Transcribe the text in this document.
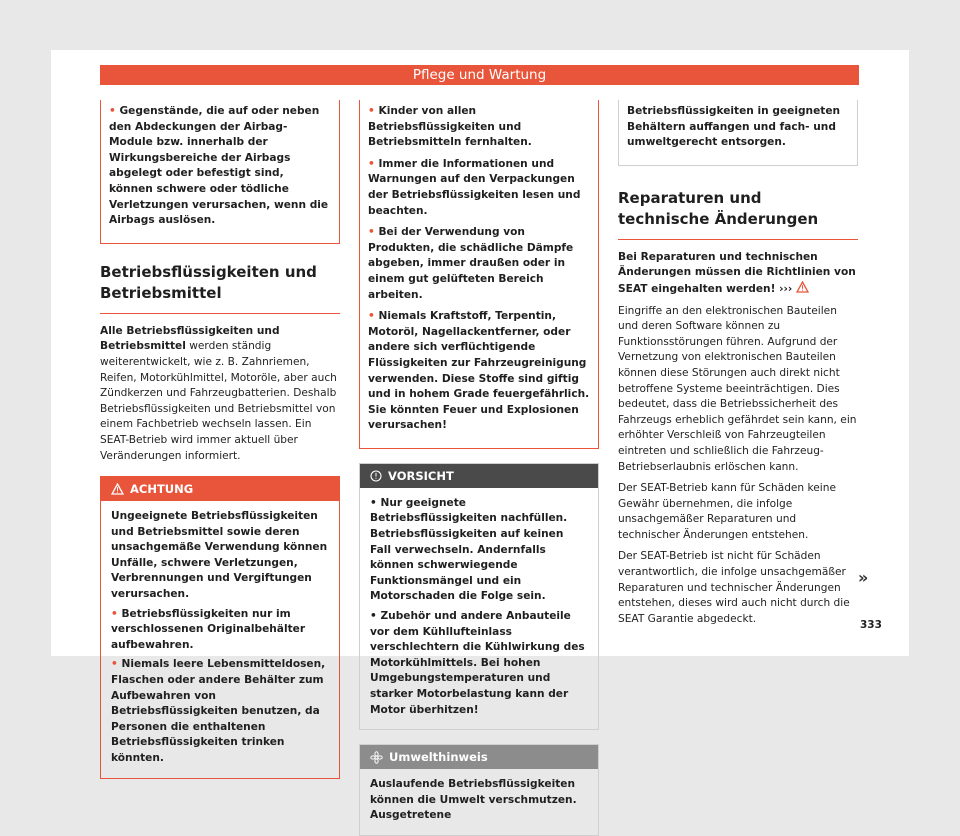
Pflege und Wartung

• Gegenstände, die auf oder neben den Abdeckungen der Airbag-Module bzw. innerhalb der Wirkungsbereiche der Airbags abgelegt oder befestigt sind, können schwere oder tödliche Verletzungen verursachen, wenn die Airbags auslösen.

Betriebsflüssigkeiten und Betriebsmittel

Alle Betriebsflüssigkeiten und Betriebsmittel werden ständig weiterentwickelt, wie z. B. Zahnriemen, Reifen, Motorkühlmittel, Motoröle, aber auch Zündkerzen und Fahrzeugbatterien. Deshalb Betriebsflüssigkeiten und Betriebsmittel von einem Fachbetrieb wechseln lassen. Ein SEAT-Betrieb wird immer aktuell über Veränderungen informiert.

ACHTUNG

Ungeeignete Betriebsflüssigkeiten und Betriebsmittel sowie deren unsachgemäße Verwendung können Unfälle, schwere Verletzungen, Verbrennungen und Vergiftungen verursachen.

• Betriebsflüssigkeiten nur im verschlossenen Originalbehälter aufbewahren.

• Niemals leere Lebensmitteldosen, Flaschen oder andere Behälter zum Aufbewahren von Betriebsflüssigkeiten benutzen, da Personen die enthaltenen Betriebsflüssigkeiten trinken könnten.

• Kinder von allen Betriebsflüssigkeiten und Betriebsmitteln fernhalten.

• Immer die Informationen und Warnungen auf den Verpackungen der Betriebsflüssigkeiten lesen und beachten.

• Bei der Verwendung von Produkten, die schädliche Dämpfe abgeben, immer draußen oder in einem gut gelüfteten Bereich arbeiten.

• Niemals Kraftstoff, Terpentin, Motoröl, Nagellackentferner, oder andere sich verflüchtigende Flüssigkeiten zur Fahrzeugreinigung verwenden. Diese Stoffe sind giftig und in hohem Grade feuergefährlich. Sie könnten Feuer und Explosionen verursachen!

VORSICHT

• Nur geeignete Betriebsflüssigkeiten nachfüllen. Betriebsflüssigkeiten auf keinen Fall verwechseln. Andernfalls können schwerwiegende Funktionsmängel und ein Motorschaden die Folge sein.

• Zubehör und andere Anbauteile vor dem Kühllufteinlass verschlechtern die Kühlwirkung des Motorkühlmittels. Bei hohen Umgebungstemperaturen und starker Motorbelastung kann der Motor überhitzen!

Umwelthinweis

Auslaufende Betriebsflüssigkeiten können die Umwelt verschmutzen. Ausgetretene

Betriebsflüssigkeiten in geeigneten Behältern auffangen und fach- und umweltgerecht entsorgen.

Reparaturen und technische Änderungen

Bei Reparaturen und technischen Änderungen müssen die Richtlinien von SEAT eingehalten werden! ›››

Eingriffe an den elektronischen Bauteilen und deren Software können zu Funktionsstörungen führen. Aufgrund der Vernetzung von elektronischen Bauteilen können diese Störungen auch direkt nicht betroffene Systeme beeinträchtigen. Dies bedeutet, dass die Betriebssicherheit des Fahrzeugs erheblich gefährdet sein kann, ein erhöhter Verschleiß von Fahrzeugteilen eintreten und schließlich die Fahrzeug-Betriebserlaubnis erlöschen kann.

Der SEAT-Betrieb kann für Schäden keine Gewähr übernehmen, die infolge unsachgemäßer Reparaturen und technischer Änderungen entstehen.

Der SEAT-Betrieb ist nicht für Schäden verantwortlich, die infolge unsachgemäßer Reparaturen und technischer Änderungen entstehen, dieses wird auch nicht durch die SEAT Garantie abgedeckt.

»
333
